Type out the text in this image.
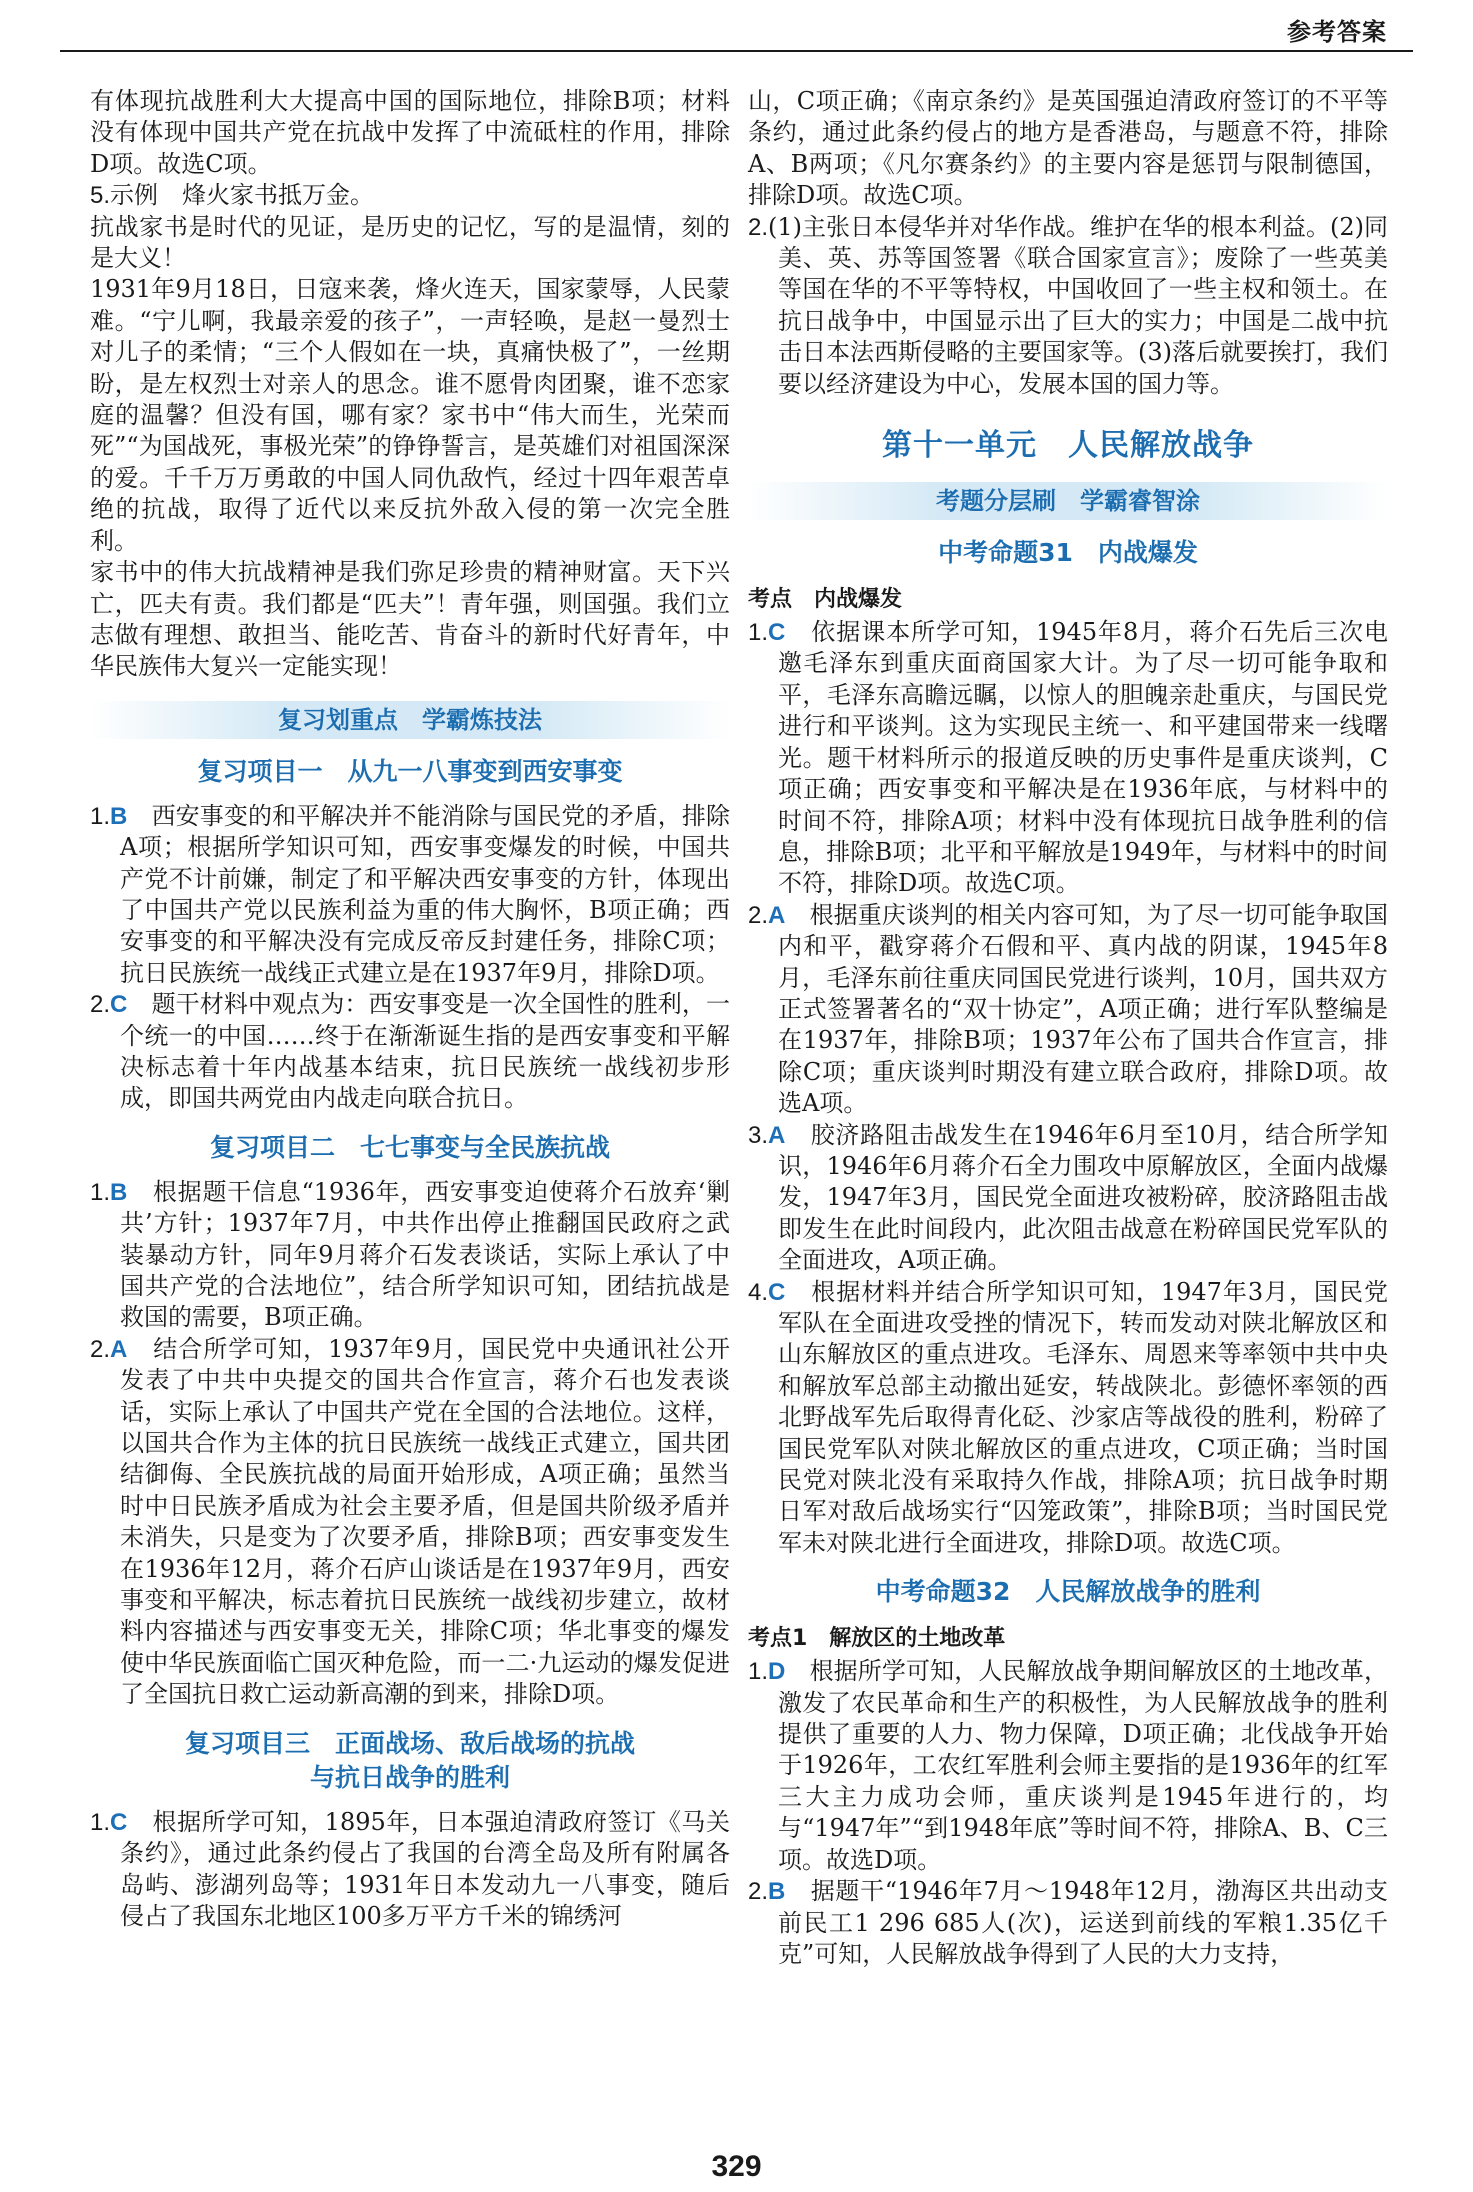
参考答案

有体现抗战胜利大大提高中国的国际地位，排除B项；材料没有体现中国共产党在抗战中发挥了中流砥柱的作用，排除D项。故选C项。

5.示例　烽火家书抵万金。

抗战家书是时代的见证，是历史的记忆，写的是温情，刻的是大义！

1931年9月18日，日寇来袭，烽火连天，国家蒙辱，人民蒙难。“宁儿啊，我最亲爱的孩子”，一声轻唤，是赵一曼烈士对儿子的柔情；“三个人假如在一块，真痛快极了”，一丝期盼，是左权烈士对亲人的思念。谁不愿骨肉团聚，谁不恋家庭的温馨？但没有国，哪有家？家书中“伟大而生，光荣而死”“为国战死，事极光荣”的铮铮誓言，是英雄们对祖国深深的爱。千千万万勇敢的中国人同仇敌忾，经过十四年艰苦卓绝的抗战，取得了近代以来反抗外敌入侵的第一次完全胜利。

家书中的伟大抗战精神是我们弥足珍贵的精神财富。天下兴亡，匹夫有责。我们都是“匹夫”！青年强，则国强。我们立志做有理想、敢担当、能吃苦、肯奋斗的新时代好青年，中华民族伟大复兴一定能实现！

复习划重点　学霸炼技法
复习项目一　从九一八事变到西安事变

1.B　 西安事变的和平解决并不能消除与国民党的矛盾，排除A项；根据所学知识可知，西安事变爆发的时候，中国共产党不计前嫌，制定了和平解决西安事变的方针，体现出了中国共产党以民族利益为重的伟大胸怀，B项正确；西安事变的和平解决没有完成反帝反封建任务，排除C项；抗日民族统一战线正式建立是在1937年9月，排除D项。

2.C　 题干材料中观点为：西安事变是一次全国性的胜利，一个统一的中国……终于在渐渐诞生指的是西安事变和平解决标志着十年内战基本结束，抗日民族统一战线初步形成，即国共两党由内战走向联合抗日。

复习项目二　七七事变与全民族抗战

1.B　 根据题干信息“1936年，西安事变迫使蒋介石放弃‘剿共’方针；1937年7月，中共作出停止推翻国民政府之武装暴动方针，同年9月蒋介石发表谈话，实际上承认了中国共产党的合法地位”，结合所学知识可知，团结抗战是救国的需要，B项正确。

2.A　 结合所学可知，1937年9月，国民党中央通讯社公开发表了中共中央提交的国共合作宣言，蒋介石也发表谈话，实际上承认了中国共产党在全国的合法地位。这样，以国共合作为主体的抗日民族统一战线正式建立，国共团结御侮、全民族抗战的局面开始形成，A项正确；虽然当时中日民族矛盾成为社会主要矛盾，但是国共阶级矛盾并未消失，只是变为了次要矛盾，排除B项；西安事变发生在1936年12月，蒋介石庐山谈话是在1937年9月，西安事变和平解决，标志着抗日民族统一战线初步建立，故材料内容描述与西安事变无关，排除C项；华北事变的爆发使中华民族面临亡国灭种危险，而一二·九运动的爆发促进了全国抗日救亡运动新高潮的到来，排除D项。

复习项目三　正面战场、敌后战场的抗战
与抗日战争的胜利

1.C　 根据所学可知，1895年，日本强迫清政府签订《马关条约》，通过此条约侵占了我国的台湾全岛及所有附属各岛屿、澎湖列岛等；1931年日本发动九一八事变，随后侵占了我国东北地区100多万平方千米的锦绣河

山，C项正确；《南京条约》是英国强迫清政府签订的不平等条约，通过此条约侵占的地方是香港岛，与题意不符，排除A、B两项；《凡尔赛条约》的主要内容是惩罚与限制德国，排除D项。故选C项。

2.(1)主张日本侵华并对华作战。维护在华的根本利益。(2)同美、英、苏等国签署《联合国家宣言》；废除了一些英美等国在华的不平等特权，中国收回了一些主权和领土。在抗日战争中，中国显示出了巨大的实力；中国是二战中抗击日本法西斯侵略的主要国家等。(3)落后就要挨打，我们要以经济建设为中心，发展本国的国力等。

第十一单元　人民解放战争
考题分层刷　学霸睿智涂
中考命题31　内战爆发
考点　内战爆发

1.C　 依据课本所学可知，1945年8月，蒋介石先后三次电邀毛泽东到重庆面商国家大计。为了尽一切可能争取和平，毛泽东高瞻远瞩，以惊人的胆魄亲赴重庆，与国民党进行和平谈判。这为实现民主统一、和平建国带来一线曙光。题干材料所示的报道反映的历史事件是重庆谈判，C项正确；西安事变和平解决是在1936年底，与材料中的时间不符，排除A项；材料中没有体现抗日战争胜利的信息，排除B项；北平和平解放是1949年，与材料中的时间不符，排除D项。故选C项。

2.A　 根据重庆谈判的相关内容可知，为了尽一切可能争取国内和平，戳穿蒋介石假和平、真内战的阴谋，1945年8月，毛泽东前往重庆同国民党进行谈判，10月，国共双方正式签署著名的“双十协定”，A项正确；进行军队整编是在1937年，排除B项；1937年公布了国共合作宣言，排除C项；重庆谈判时期没有建立联合政府，排除D项。故选A项。

3.A　 胶济路阻击战发生在1946年6月至10月，结合所学知识，1946年6月蒋介石全力围攻中原解放区，全面内战爆发，1947年3月，国民党全面进攻被粉碎，胶济路阻击战即发生在此时间段内，此次阻击战意在粉碎国民党军队的全面进攻，A项正确。

4.C　 根据材料并结合所学知识可知，1947年3月，国民党军队在全面进攻受挫的情况下，转而发动对陕北解放区和山东解放区的重点进攻。毛泽东、周恩来等率领中共中央和解放军总部主动撤出延安，转战陕北。彭德怀率领的西北野战军先后取得青化砭、沙家店等战役的胜利，粉碎了国民党军队对陕北解放区的重点进攻，C项正确；当时国民党对陕北没有采取持久作战，排除A项；抗日战争时期日军对敌后战场实行“囚笼政策”，排除B项；当时国民党军未对陕北进行全面进攻，排除D项。故选C项。

中考命题32　人民解放战争的胜利
考点1　解放区的土地改革

1.D　 根据所学可知，人民解放战争期间解放区的土地改革，激发了农民革命和生产的积极性，为人民解放战争的胜利提供了重要的人力、物力保障，D项正确；北伐战争开始于1926年，工农红军胜利会师主要指的是1936年的红军三大主力成功会师，重庆谈判是1945年进行的，均与“1947年”“到1948年底”等时间不符，排除A、B、C三项。故选D项。

2.B　 据题干“1946年7月～1948年12月，渤海区共出动支前民工1 296 685人(次)，运送到前线的军粮1.35亿千克”可知，人民解放战争得到了人民的大力支持，

329
